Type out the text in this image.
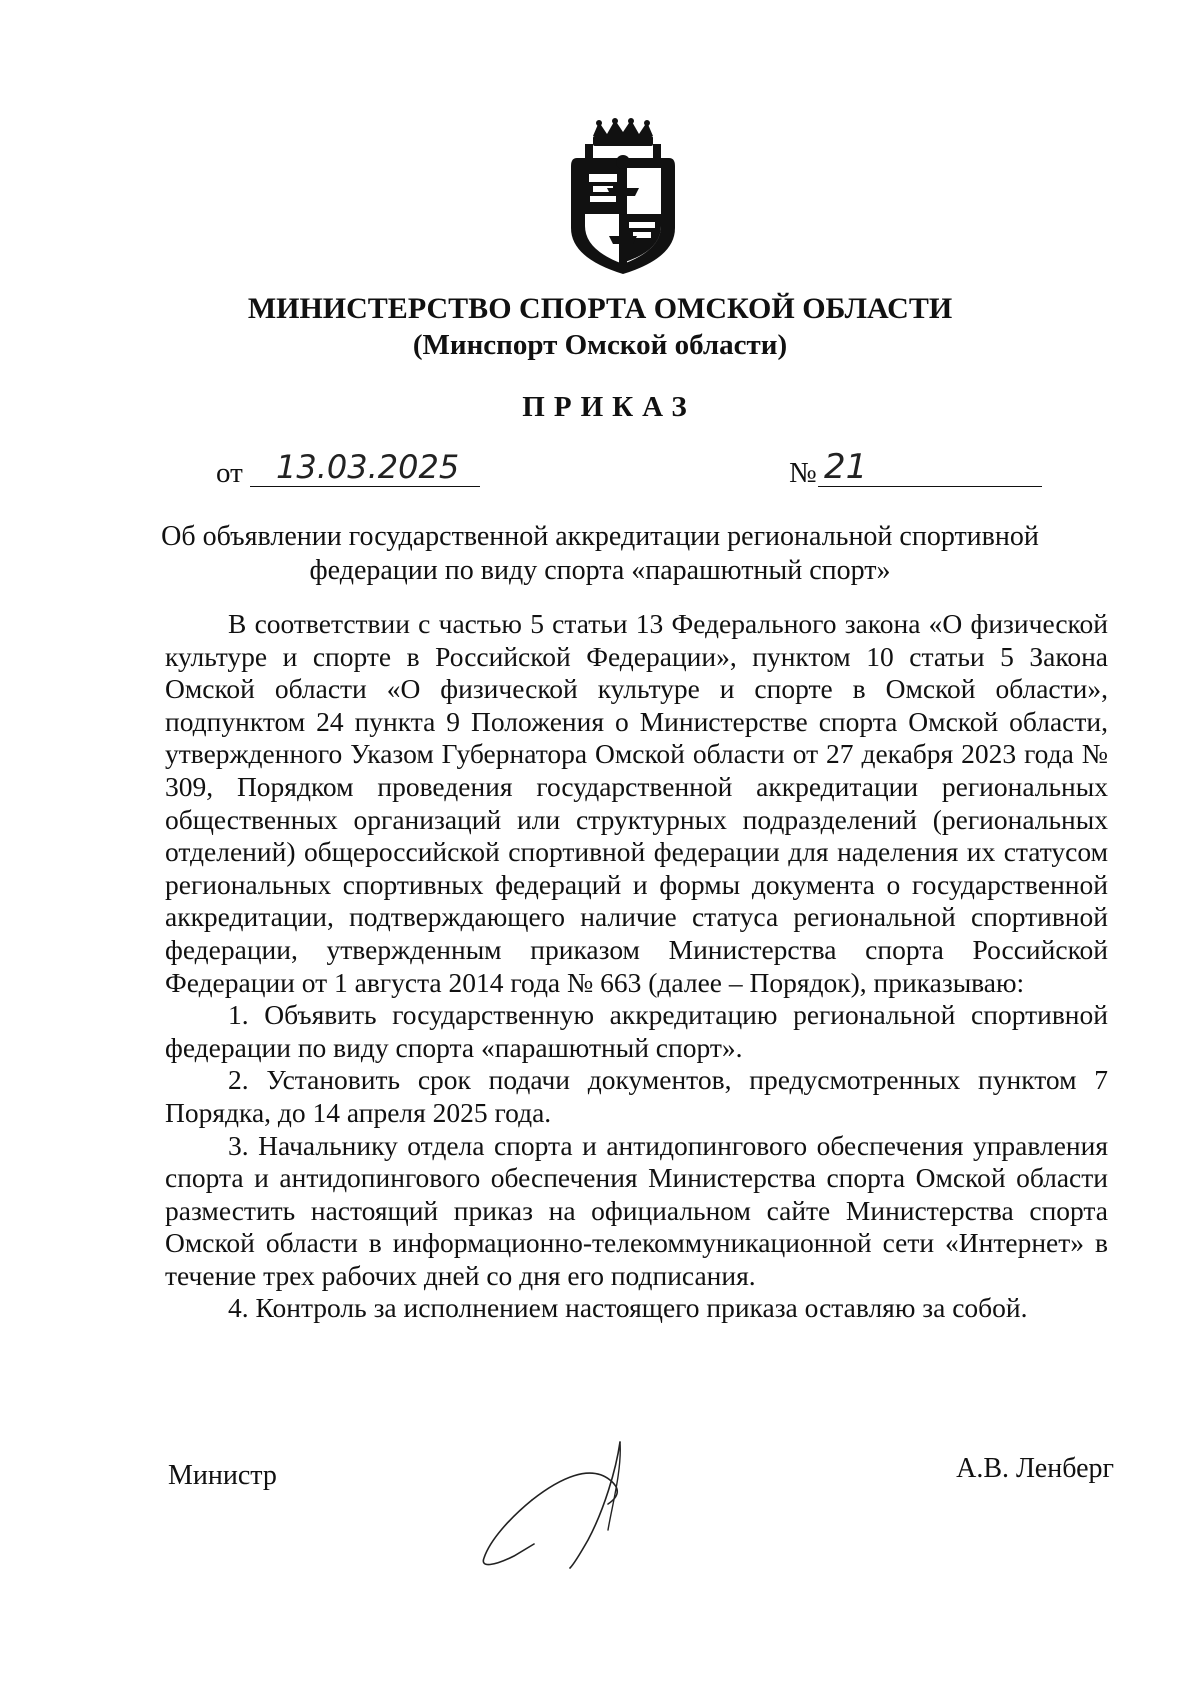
МИНИСТЕРСТВО СПОРТА ОМСКОЙ ОБЛАСТИ
(Минспорт Омской области)
ПРИКАЗ
от	13.03.2025	№ 21
Об объявлении государственной аккредитации региональной спортивной федерации по виду спорта «парашютный спорт»

В соответствии с частью 5 статьи 13 Федерального закона «О физической культуре и спорте в Российской Федерации», пунктом 10 статьи 5 Закона Омской области «О физической культуре и спорте в Омской области», подпунктом 24 пункта 9 Положения о Министерстве спорта Омской области, утвержденного Указом Губернатора Омской области от 27 декабря 2023 года № 309, Порядком проведения государственной аккредитации региональных общественных организаций или структурных подразделений (региональных отделений) общероссийской спортивной федерации для наделения их статусом региональных спортивных федераций и формы документа о государственной аккредитации, подтверждающего наличие статуса региональной спортивной федерации, утвержденным приказом Министерства спорта Российской Федерации от 1 августа 2014 года № 663 (далее – Порядок), приказываю:

1. Объявить государственную аккредитацию региональной спортивной федерации по виду спорта «парашютный спорт».

2. Установить срок подачи документов, предусмотренных пунктом 7 Порядка, до 14 апреля 2025 года.

3. Начальнику отдела спорта и антидопингового обеспечения управления спорта и антидопингового обеспечения Министерства спорта Омской области разместить настоящий приказ на официальном сайте Министерства спорта Омской области в информационно-телекоммуникационной сети «Интернет» в течение трех рабочих дней со дня его подписания.

4. Контроль за исполнением настоящего приказа оставляю за собой.

Министр	А.В. Ленберг
